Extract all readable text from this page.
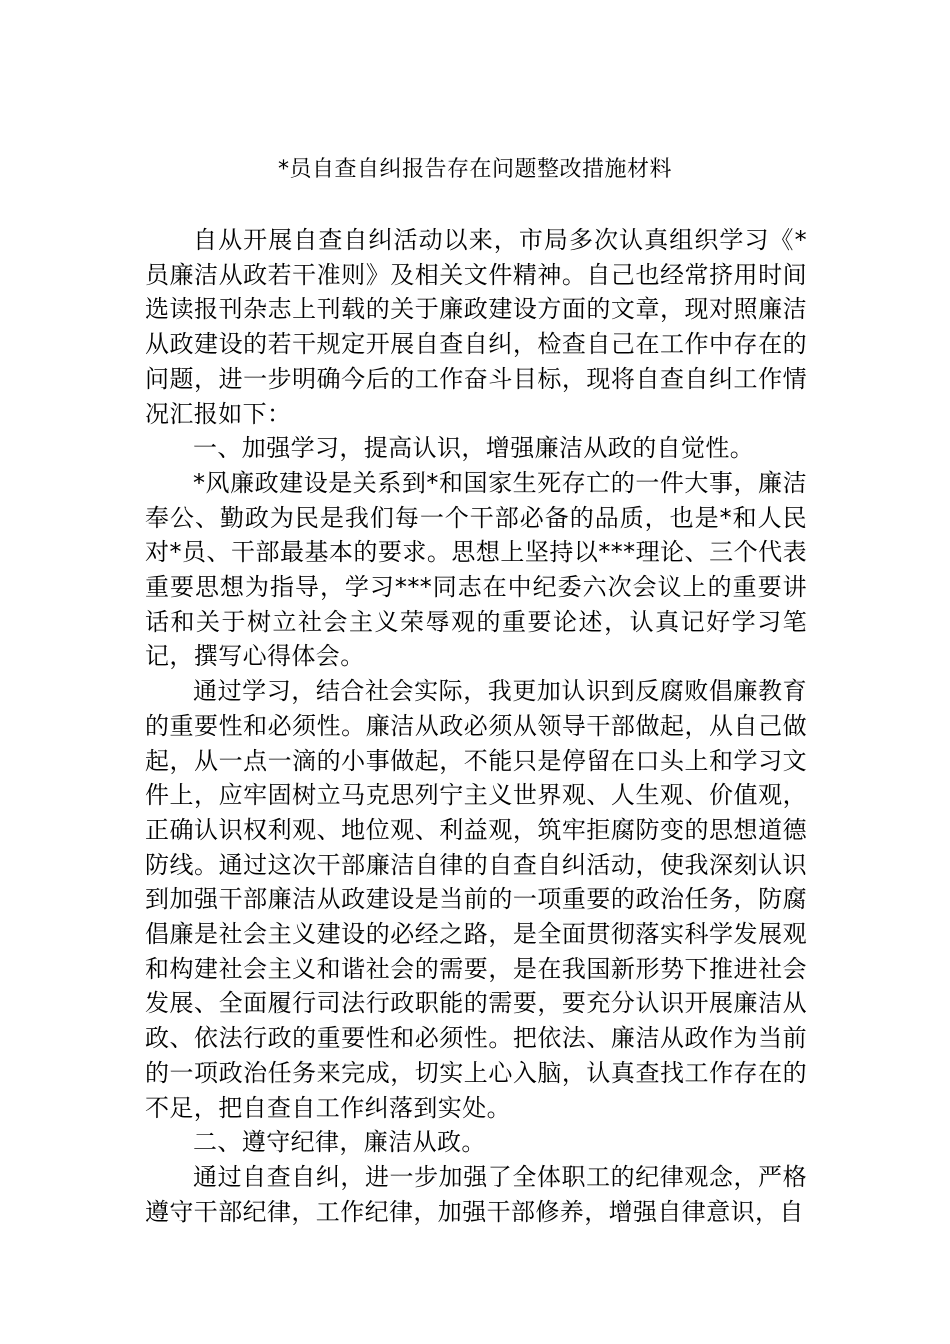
*员自查自纠报告存在问题整改措施材料

自从开展自查自纠活动以来，市局多次认真组织学习《*员廉洁从政若干准则》及相关文件精神。自己也经常挤用时间选读报刊杂志上刊载的关于廉政建设方面的文章，现对照廉洁从政建设的若干规定开展自查自纠，检查自己在工作中存在的问题，进一步明确今后的工作奋斗目标，现将自查自纠工作情况汇报如下：

一、加强学习，提高认识，增强廉洁从政的自觉性。

*风廉政建设是关系到*和国家生死存亡的一件大事，廉洁奉公、勤政为民是我们每一个干部必备的品质，也是*和人民对*员、干部最基本的要求。思想上坚持以***理论、三个代表重要思想为指导，学习***同志在中纪委六次会议上的重要讲话和关于树立社会主义荣辱观的重要论述，认真记好学习笔记，撰写心得体会。

通过学习，结合社会实际，我更加认识到反腐败倡廉教育的重要性和必须性。廉洁从政必须从领导干部做起，从自己做起，从一点一滴的小事做起，不能只是停留在口头上和学习文件上，应牢固树立马克思列宁主义世界观、人生观、价值观，正确认识权利观、地位观、利益观，筑牢拒腐防变的思想道德防线。通过这次干部廉洁自律的自查自纠活动，使我深刻认识到加强干部廉洁从政建设是当前的一项重要的政治任务，防腐倡廉是社会主义建设的必经之路，是全面贯彻落实科学发展观和构建社会主义和谐社会的需要，是在我国新形势下推进社会发展、全面履行司法行政职能的需要，要充分认识开展廉洁从政、依法行政的重要性和必须性。把依法、廉洁从政作为当前的一项政治任务来完成，切实上心入脑，认真查找工作存在的不足，把自查自工作纠落到实处。

二、遵守纪律，廉洁从政。

通过自查自纠，进一步加强了全体职工的纪律观念，严格遵守干部纪律，工作纪律，加强干部修养，增强自律意识，自
